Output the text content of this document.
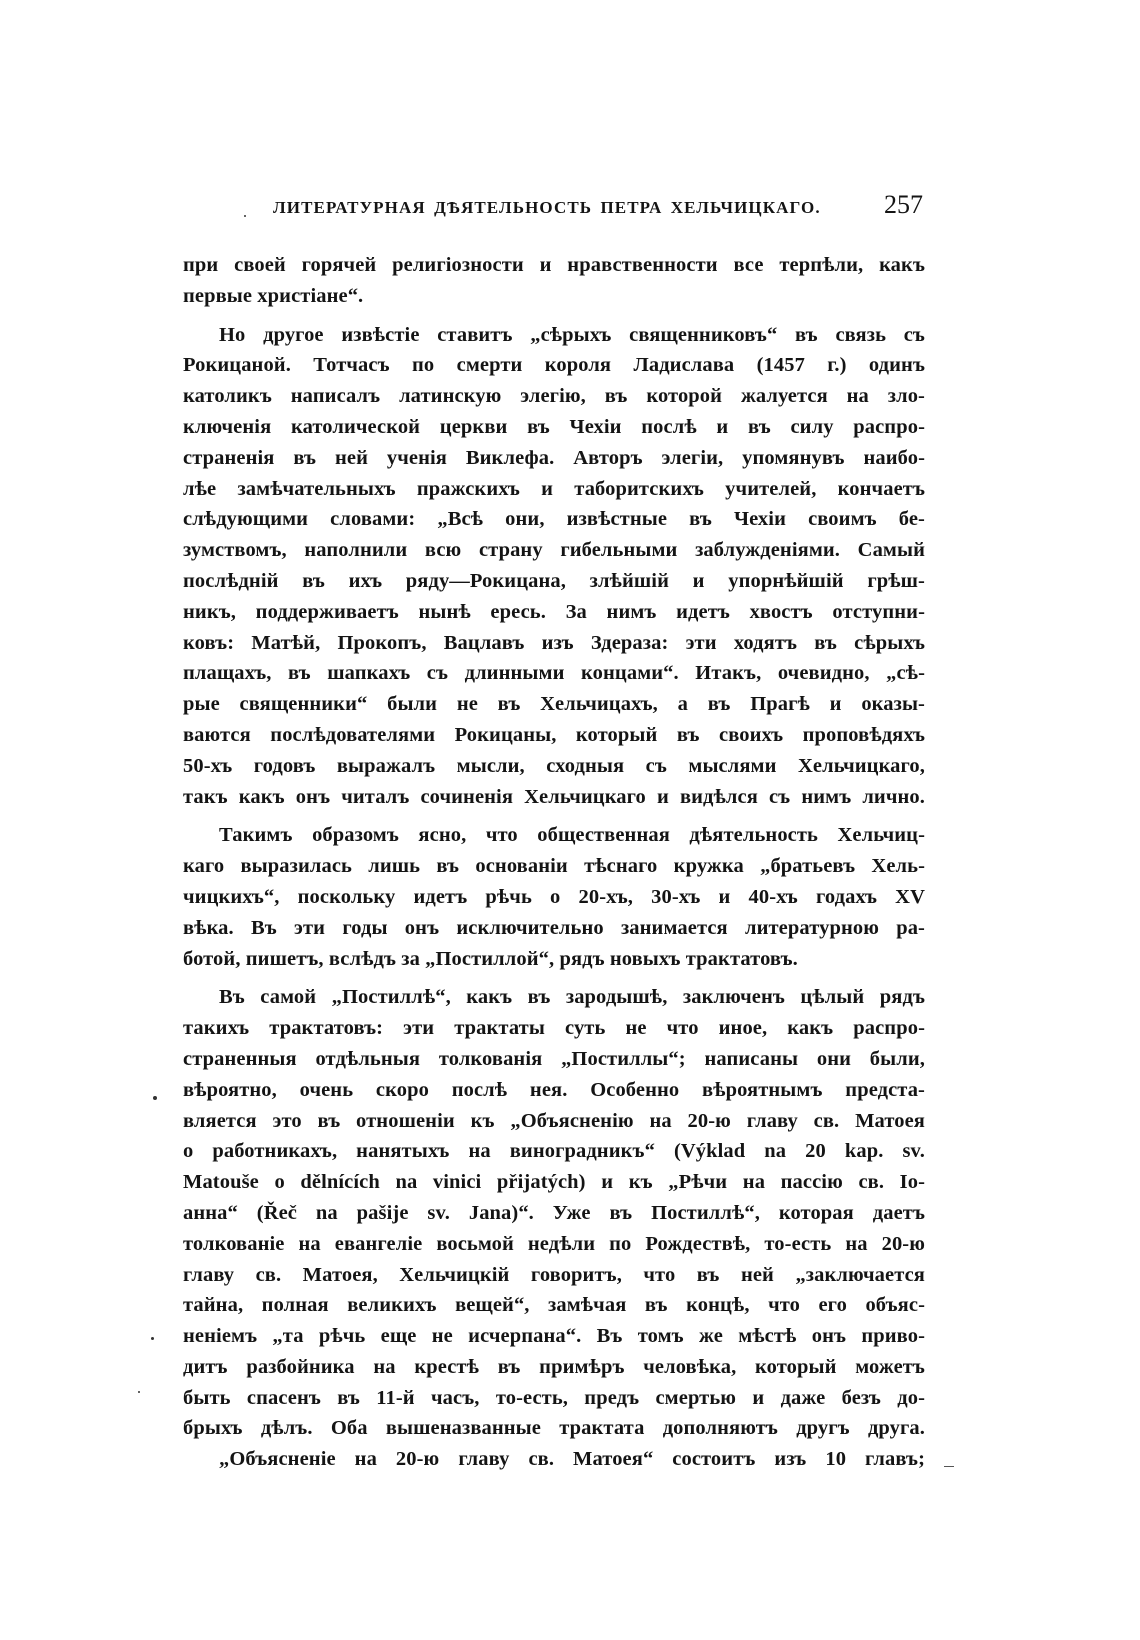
ЛИТЕРАТУРНАЯ ДѢЯТЕЛЬНОСТЬ ПЕТРА ХЕЛЬЧИЦКАГО. 257
при своей горячей религіозности и нравственности все терпѣли, какъ
первые христіане“.
Но другое извѣстіе ставитъ „сѣрыхъ священниковъ“ въ связь съ
Рокицаной. Тотчасъ по смерти короля Ладислава (1457 г.) одинъ
католикъ написалъ латинскую элегію, въ которой жалуется на зло-
ключенія католической церкви въ Чехіи послѣ и въ силу распро-
страненія въ ней ученія Виклефа. Авторъ элегіи, упомянувъ наибо-
лѣе замѣчательныхъ пражскихъ и таборитскихъ учителей, кончаетъ
слѣдующими словами: „Всѣ они, извѣстные въ Чехіи своимъ бе-
зумствомъ, наполнили всю страну гибельными заблужденіями. Самый
послѣдній въ ихъ ряду—Рокицана, злѣйшій и упорнѣйшій грѣш-
никъ, поддерживаетъ нынѣ ересь. За нимъ идетъ хвостъ отступни-
ковъ: Матѣй, Прокопъ, Вацлавъ изъ Здераза: эти ходятъ въ сѣрыхъ
плащахъ, въ шапкахъ съ длинными концами“. Итакъ, очевидно, „сѣ-
рые священники“ были не въ Хельчицахъ, а въ Прагѣ и оказы-
ваются послѣдователями Рокицаны, который въ своихъ проповѣдяхъ
50-хъ годовъ выражалъ мысли, сходныя съ мыслями Хельчицкаго,
такъ какъ онъ читалъ сочиненія Хельчицкаго и видѣлся съ нимъ лично.
Такимъ образомъ ясно, что общественная дѣятельность Хельчиц-
каго выразилась лишь въ основаніи тѣснаго кружка „братьевъ Хель-
чицкихъ“, поскольку идетъ рѣчь о 20-хъ, 30-хъ и 40-хъ годахъ XV
вѣка. Въ эти годы онъ исключительно занимается литературною ра-
ботой, пишетъ, вслѣдъ за „Постиллой“, рядъ новыхъ трактатовъ.
Въ самой „Постиллѣ“, какъ въ зародышѣ, заключенъ цѣлый рядъ
такихъ трактатовъ: эти трактаты суть не что иное, какъ распро-
страненныя отдѣльныя толкованія „Постиллы“; написаны они были,
вѣроятно, очень скоро послѣ нея. Особенно вѣроятнымъ предста-
вляется это въ отношеніи къ „Объясненію на 20-ю главу св. Матоея
о работникахъ, нанятыхъ на виноградникъ“ (Výklad na 20 kap. sv.
Matouše o dělnících na vinici přijatých) и къ „Рѣчи на пассію св. Іо-
анна“ (Řeč na pašijе sv. Jana)“. Уже въ Постиллѣ“, которая даетъ
толкованіе на евангеліе восьмой недѣли по Рождествѣ, то-есть на 20-ю
главу св. Матоея, Хельчицкій говоритъ, что въ ней „заключается
тайна, полная великихъ вещей“, замѣчая въ концѣ, что его объяс-
неніемъ „та рѣчь еще не исчерпана“. Въ томъ же мѣстѣ онъ приво-
дитъ разбойника на крестѣ въ примѣръ человѣка, который можетъ
быть спасенъ въ 11-й часъ, то-есть, предъ смертью и даже безъ до-
брыхъ дѣлъ. Оба вышеназванные трактата дополняютъ другъ друга.
„Объясненіе на 20-ю главу св. Матоея“ состоитъ изъ 10 главъ;
